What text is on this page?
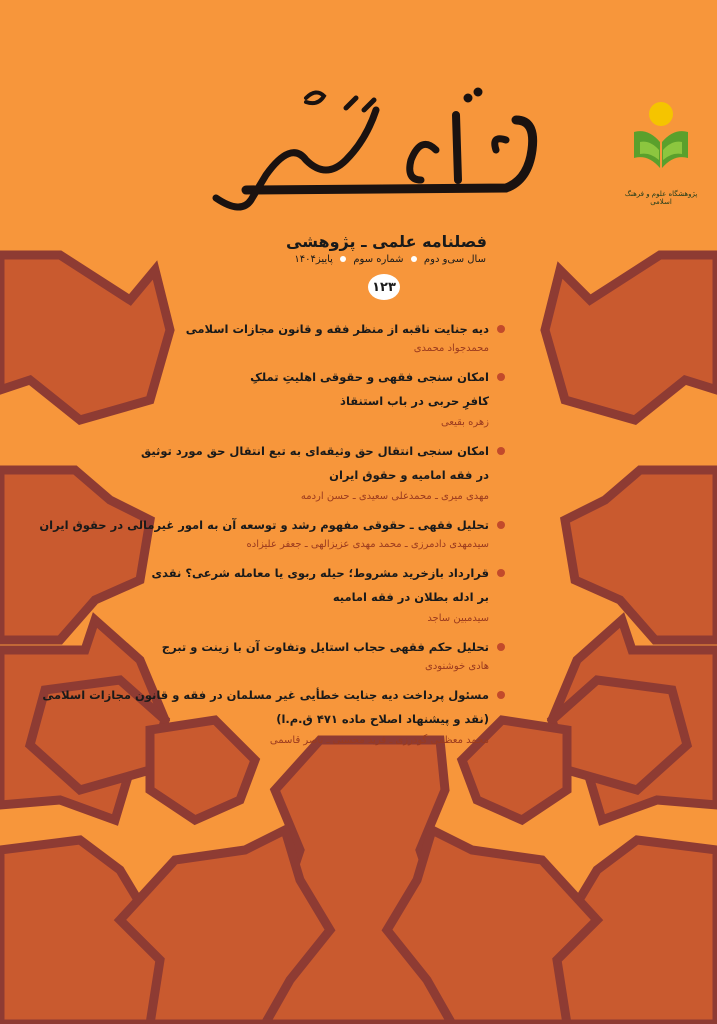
پژوهشگاه علوم و فرهنگ اسلامی
فصلنامه علمی ـ پژوهشی
سال سی‌و دوم  شماره سوم  پاییز۱۴۰۴
۱۲۳
دیه جنایت ناقبه از منظر فقه و قانون مجازات اسلامی
محمدجواد محمدی
امکان سنجی فقهی و حقوقی اهلیتِ تملکِ
کافرِ حربی در باب استنقاذ
زهره بقیعی
امکان سنجی انتقال حق وثیقه‌ای به تبع انتقال حق مورد توثیق
در فقه امامیه و حقوق ایران
مهدی میری ـ محمدعلی سعیدی ـ حسن اردمه
تحلیل فقهی ـ حقوقی مفهوم رشد و توسعه آن به امور غیرمالی در حقوق ایران
سیدمهدی دادمرزی ـ محمد مهدی عزیزالهی ـ جعفر علیزاده
قرارداد بازخرید مشروط؛ حیله ربوی یا معامله شرعی؟ نقدی
بر ادله بطلان در فقه امامیه
سیدمبین ساجد
تحلیل حکم فقهی حجاب استایل وتفاوت آن با زینت و تبرج
هادی خوشنودی
مسئول پرداخت دیه جنایت خطأیی غیر مسلمان در فقه و قانون مجازات اسلامی
(نقد و پیشنهاد اصلاح ماده ۴۷۱ ق.م.ا)
محمد معظمی گودرزی ـ فرید محسنی ـ ناصر قاسمی
